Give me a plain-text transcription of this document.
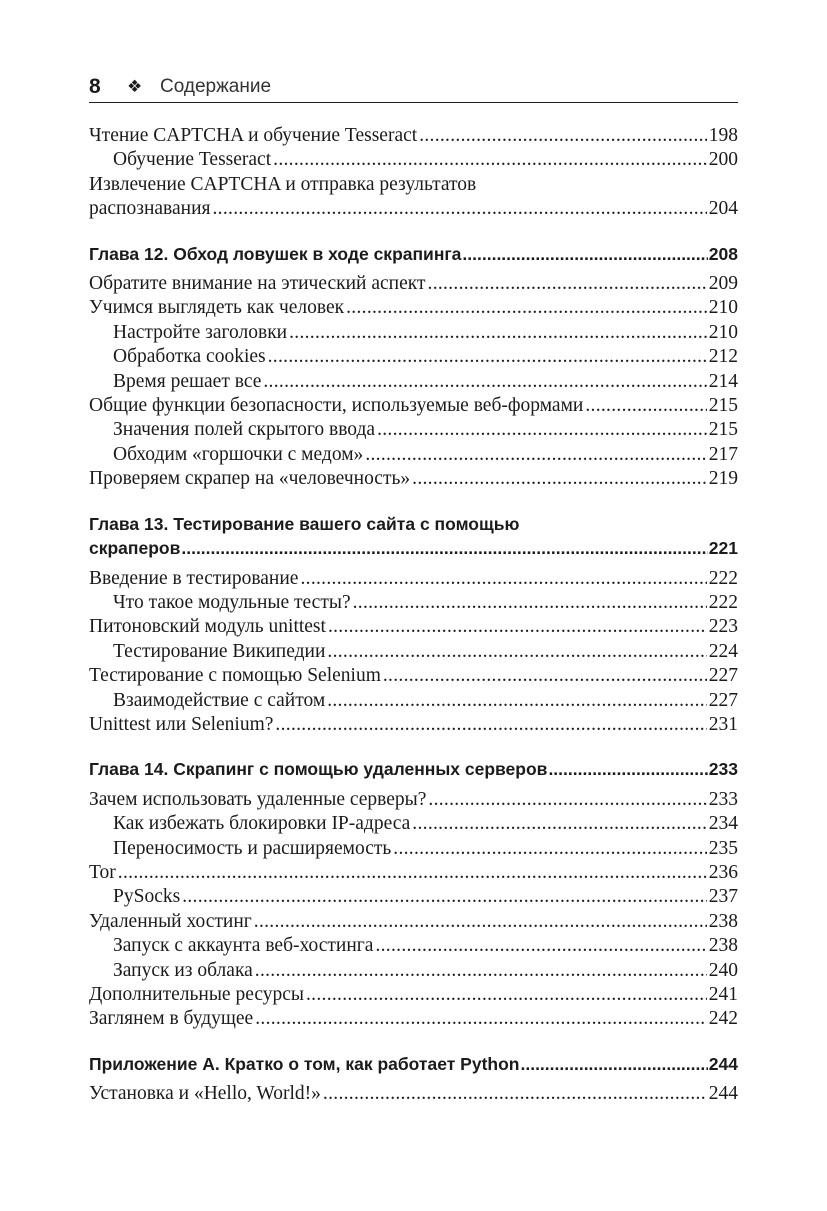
8 ❖ Содержание
Чтение CAPTCHA и обучение Tesseract .....	198
Обучение Tesseract .....	200
Извлечение CAPTCHA и отправка результатов
распознавания .....	204
Глава 12. Обход ловушек в ходе скрапинга .....	208
Обратите внимание на этический аспект .....	209
Учимся выглядеть как человек .....	210
Настройте заголовки .....	210
Обработка cookies .....	212
Время решает все .....	214
Общие функции безопасности, используемые веб-формами .....	215
Значения полей скрытого ввода .....	215
Обходим «горшочки с медом» .....	217
Проверяем скрапер на «человечность» .....	219
Глава 13. Тестирование вашего сайта с помощью
скраперов .....	221
Введение в тестирование .....	222
Что такое модульные тесты? .....	222
Питоновский модуль unittest .....	223
Тестирование Википедии .....	224
Тестирование с помощью Selenium .....	227
Взаимодействие с сайтом .....	227
Unittest или Selenium? .....	231
Глава 14. Скрапинг с помощью удаленных серверов .....	233
Зачем использовать удаленные серверы? .....	233
Как избежать блокировки IP-адреса .....	234
Переносимость и расширяемость .....	235
Tor .....	236
PySocks .....	237
Удаленный хостинг .....	238
Запуск с аккаунта веб-хостинга .....	238
Запуск из облака .....	240
Дополнительные ресурсы .....	241
Заглянем в будущее .....	242
Приложение А. Кратко о том, как работает Python .....	244
Установка и «Hello, World!» .....	244
